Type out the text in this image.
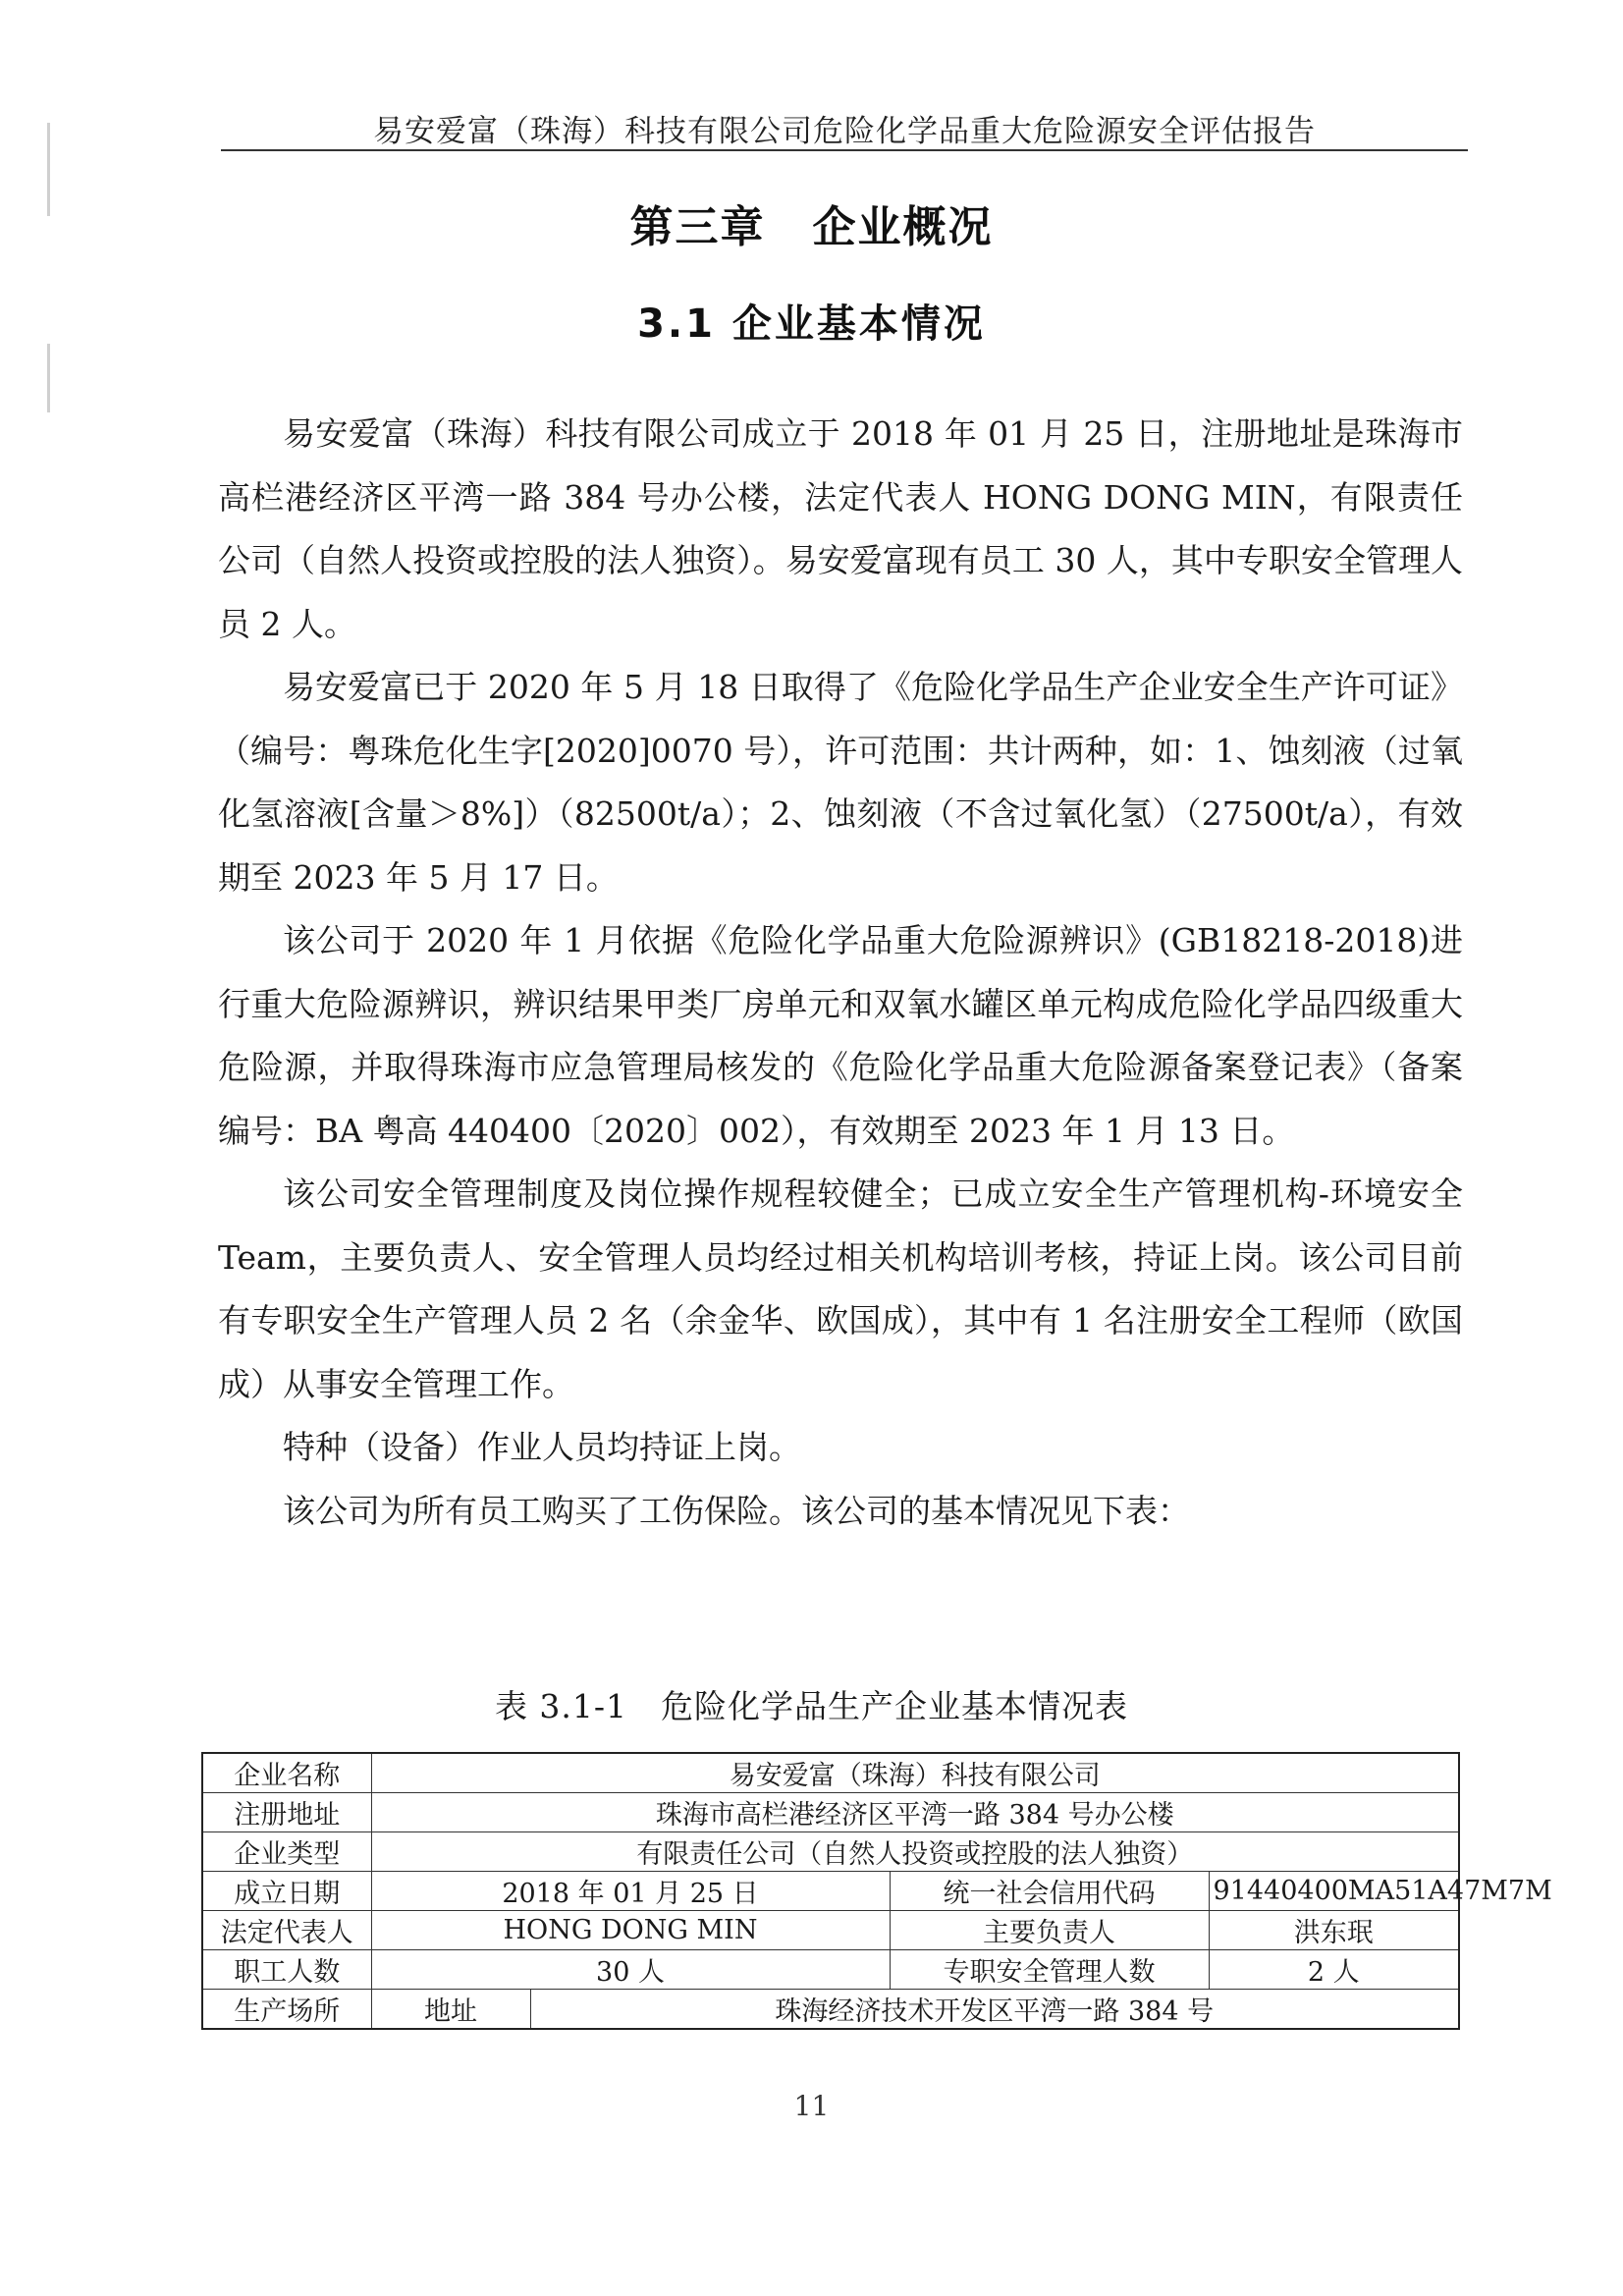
易安爱富（珠海）科技有限公司危险化学品重大危险源安全评估报告
第三章 企业概况
3.1 企业基本情况

易安爱富（珠海）科技有限公司成立于 2018 年 01 月 25 日，注册地址是珠海市高栏港经济区平湾一路 384 号办公楼，法定代表人 HONG DONG MIN，有限责任公司（自然人投资或控股的法人独资）。易安爱富现有员工 30 人，其中专职安全管理人员 2 人。

易安爱富已于 2020 年 5 月 18 日取得了《危险化学品生产企业安全生产许可证》（编号：粤珠危化生字[2020]0070 号），许可范围：共计两种，如：1、蚀刻液（过氧化氢溶液[含量＞8%]）（82500t/a）；2、蚀刻液（不含过氧化氢）（27500t/a），有效期至 2023 年 5 月 17 日。

该公司于 2020 年 1 月依据《危险化学品重大危险源辨识》(GB18218-2018)进行重大危险源辨识，辨识结果甲类厂房单元和双氧水罐区单元构成危险化学品四级重大危险源，并取得珠海市应急管理局核发的《危险化学品重大危险源备案登记表》（备案编号：BA 粤高 440400〔2020〕002），有效期至 2023 年 1 月 13 日。

该公司安全管理制度及岗位操作规程较健全；已成立安全生产管理机构-环境安全 Team，主要负责人、安全管理人员均经过相关机构培训考核，持证上岗。该公司目前有专职安全生产管理人员 2 名（余金华、欧国成），其中有 1 名注册安全工程师（欧国成）从事安全管理工作。

特种（设备）作业人员均持证上岗。

该公司为所有员工购买了工伤保险。该公司的基本情况见下表：

表 3.1-1　危险化学品生产企业基本情况表
企业名称	易安爱富（珠海）科技有限公司			
注册地址	珠海市高栏港经济区平湾一路 384 号办公楼			
企业类型	有限责任公司（自然人投资或控股的法人独资）			
成立日期	2018 年 01 月 25 日		统一社会信用代码	91440400MA51A47M7M
法定代表人	HONG DONG MIN		主要负责人	洪东珉
职工人数	30 人		专职安全管理人数	2 人
生产场所	地址	珠海经济技术开发区平湾一路 384 号		
11
